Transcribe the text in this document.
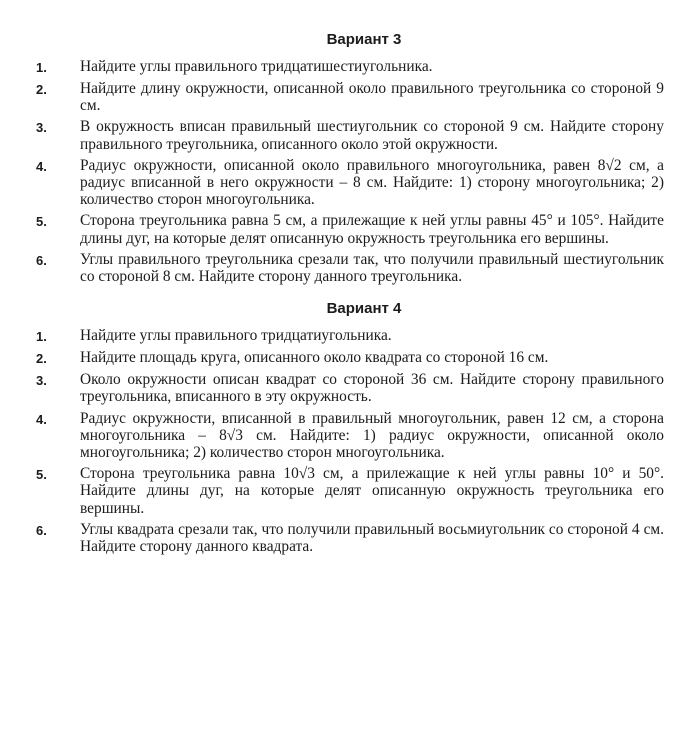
Вариант 3
1.	Найдите углы правильного тридцатишестиугольника.

2.	Найдите длину окружности, описанной около правильного треугольника со стороной 9 см.

3.	В окружность вписан правильный шестиугольник со стороной 9 см. Найдите сторону правильного треугольника, описанного около этой окружности.

4.	Радиус окружности, описанной около правильного многоугольника, равен 8√2 см, а радиус вписанной в него окружности – 8 см. Найдите: 1) сторону многоугольника; 2) количество сторон многоугольника.

5.	Сторона треугольника равна 5 см, а прилежащие к ней углы равны 45° и 105°. Найдите длины дуг, на которые делят описанную окружность треугольника его вершины.

6.	Углы правильного треугольника срезали так, что получили правильный шестиугольник со стороной 8 см. Найдите сторону данного треугольника.

Вариант 4
1.	Найдите углы правильного тридцатиугольника.

2.	Найдите площадь круга, описанного около квадрата со стороной 16 см.

3.	Около окружности описан квадрат со стороной 36 см. Найдите сторону правильного треугольника, вписанного в эту окружность.

4.	Радиус окружности, вписанной в правильный многоугольник, равен 12 см, а сторона многоугольника – 8√3 см. Найдите: 1) радиус окружности, описанной около многоугольника; 2) количество сторон многоугольника.

5.	Сторона треугольника равна 10√3 см, а прилежащие к ней углы равны 10° и 50°. Найдите длины дуг, на которые делят описанную окружность треугольника его вершины.

6.	Углы квадрата срезали так, что получили правильный восьмиугольник со стороной 4 см. Найдите сторону данного квадрата.
